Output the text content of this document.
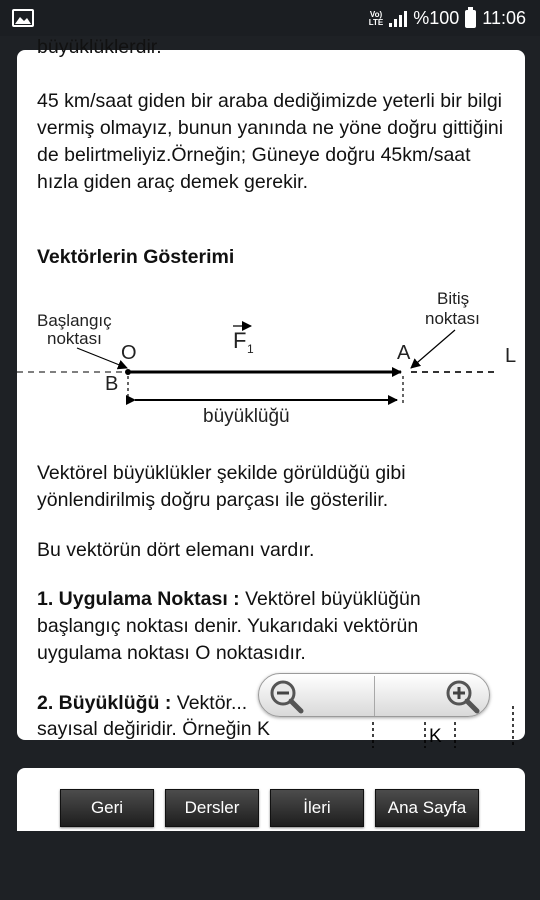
Vo)
LTE %100 11:06

büyüklüklerdir.

45 km/saat giden bir araba dediğimizde yeterli bir bilgi vermiş olmayız, bunun yanında ne yöne doğru gittiğini de belirtmeliyiz.Örneğin; Güneye doğru 45km/saat hızla giden araç demek gerekir.

Vektörlerin Gösterimi

Başlangıç
noktası
Bitiş
noktası
O	A
B
L
F 1
büyüklüğü

Vektörel büyüklükler şekilde görüldüğü gibi yönlendirilmiş doğru parçası ile gösterilir.

Bu vektörün dört elemanı vardır.

1. Uygulama Noktası : Vektörel büyüklüğün başlangıç noktası denir. Yukarıdaki vektörün uygulama noktası O noktasıdır.

2. Büyüklüğü : Vektör...

sayısal değiridir. Örneğin K	K
Geri	Dersler	İleri	Ana Sayfa
